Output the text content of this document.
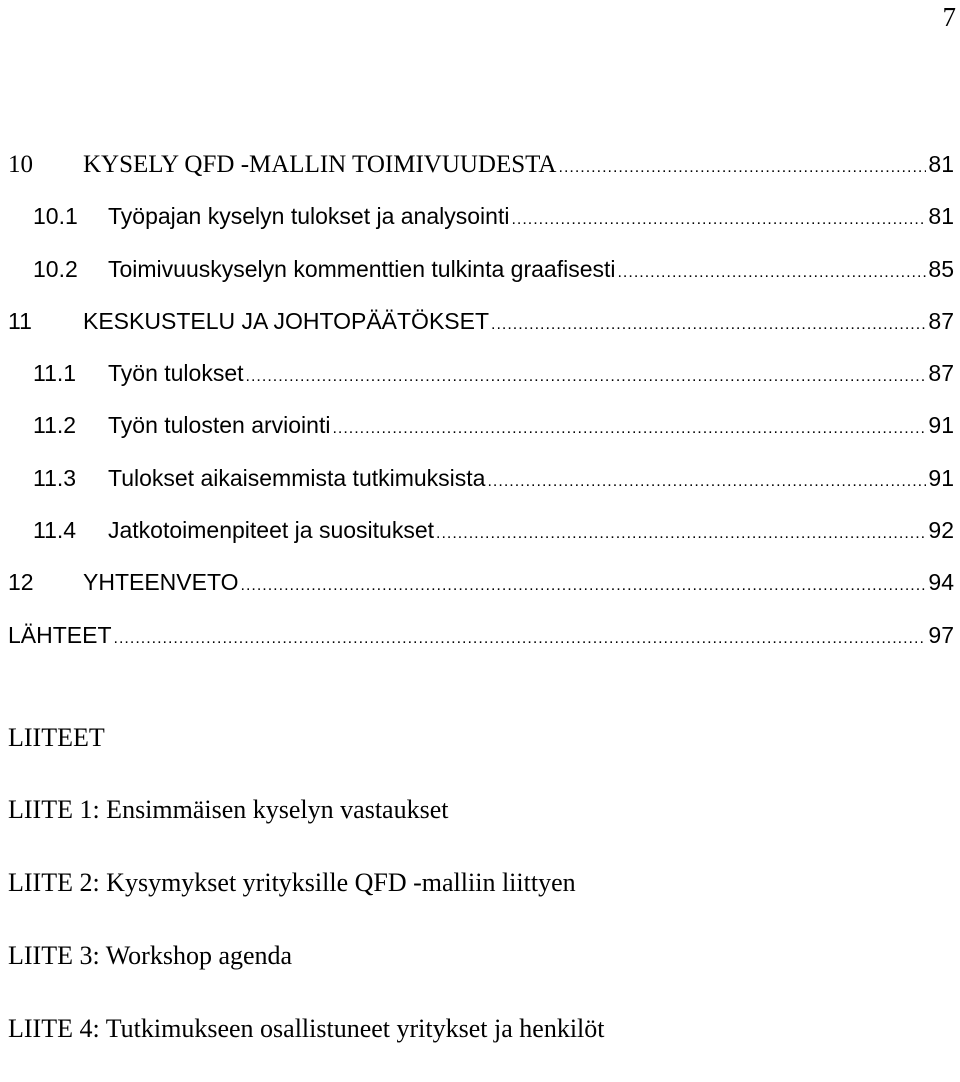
7
10	KYSELY QFD -MALLIN TOIMIVUUDESTA .....	81
10.1	Työpajan kyselyn tulokset ja analysointi .....	81
10.2	Toimivuuskyselyn kommenttien tulkinta graafisesti .....	85
11	KESKUSTELU JA JOHTOPÄÄTÖKSET .....	87
11.1	Työn tulokset .....	87
11.2	Työn tulosten arviointi .....	91
11.3	Tulokset aikaisemmista tutkimuksista .....	91
11.4	Jatkotoimenpiteet ja suositukset .....	92
12	YHTEENVETO .....	94
LÄHTEET .....	97
LIITEET
LIITE 1: Ensimmäisen kyselyn vastaukset
LIITE 2: Kysymykset yrityksille QFD -malliin liittyen
LIITE 3: Workshop agenda
LIITE 4: Tutkimukseen osallistuneet yritykset ja henkilöt
